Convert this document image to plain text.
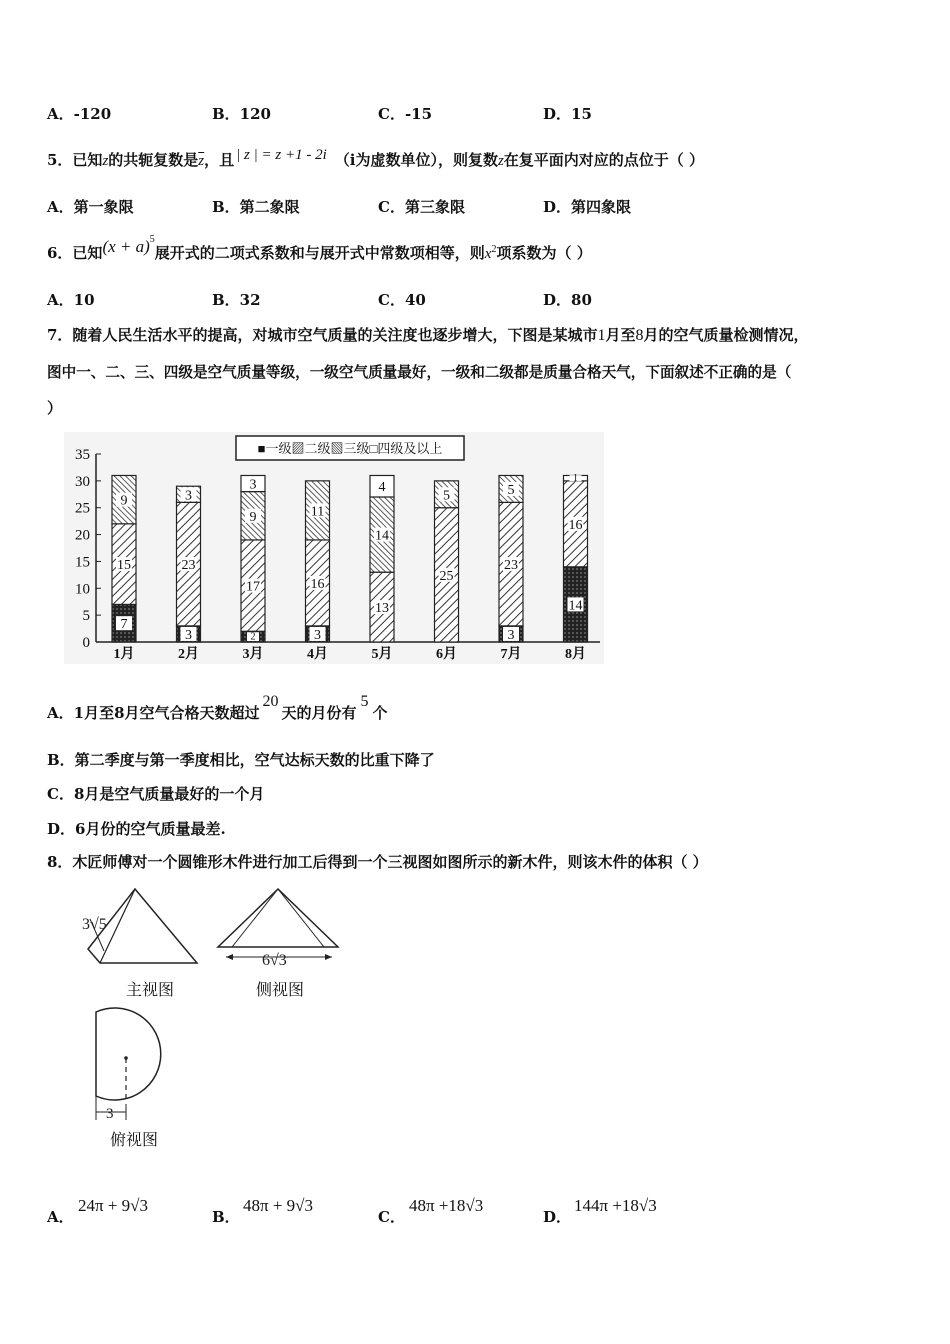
A．-120	B．120	C．-15	D．15
5．已知z的共轭复数是$\overline{z}$，且 | z | = z +1 - 2i （i为虚数单位），则复数z在复平面内对应的点位于（ ）
A．第一象限	B．第二象限	C．第三象限	D．第四象限
6．已知$(x + a)^5$展开式的二项式系数和与展开式中常数项相等，则$x^2$项系数为（ ）
A．10	B．32	C．40	D．80
7．随着人民生活水平的提高，对城市空气质量的关注度也逐步增大，下图是某城市1月至8月的空气质量检测情况，
图中一、二、三、四级是空气质量等级，一级空气质量最好，一级和二级都是质量合格天气，下面叙述不正确的是（
）
■一级▨二级▧三级□四级及以上
0
5
10
15
20
25
30
35
7
15
9
3
23
3
2
17
9
3
3
16
11
13
14
4
25
5
3
23
5
14
16
1
1月	2月	3月	4月	5月	6月	7月	8月
A．1月至8月空气合格天数超过20天的月份有5个
B．第二季度与第一季度相比，空气达标天数的比重下降了
C．8月是空气质量最好的一个月
D．6月份的空气质量最差.
8．木匠师傅对一个圆锥形木件进行加工后得到一个三视图如图所示的新木件，则该木件的体积（ ）
3√5
主视图
6√3
侧视图
3
俯视图
A．
24π + 9√3
B．
48π + 9√3
C．
48π +18√3
D．
144π +18√3
